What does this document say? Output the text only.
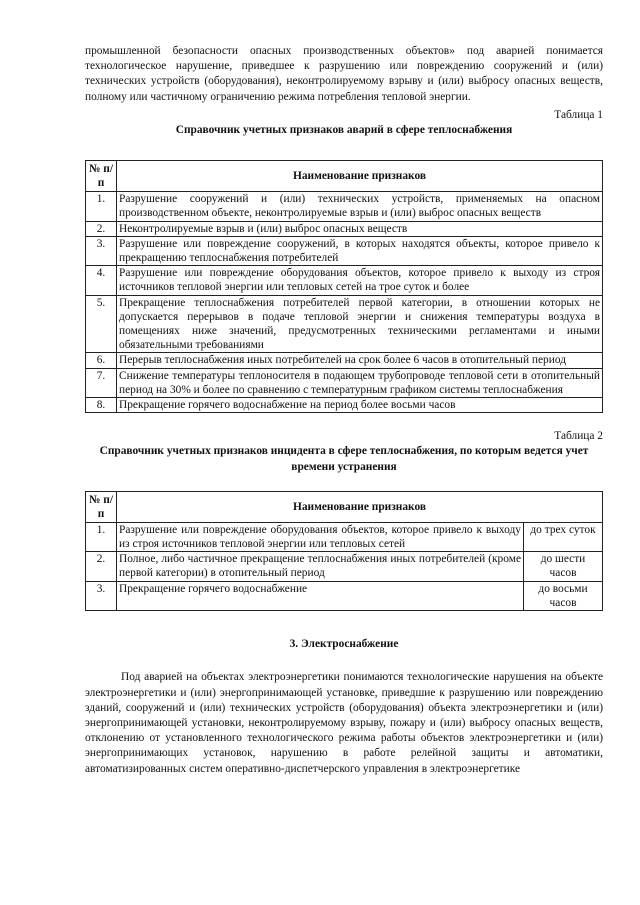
промышленной безопасности опасных производственных объектов» под аварией понимается технологическое нарушение, приведшее к разрушению или повреждению сооружений и (или) технических устройств (оборудования), неконтролируемому взрыву и (или) выбросу опасных веществ, полному или частичному ограничению режима потребления тепловой энергии.

Таблица 1

Справочник учетных признаков аварий в сфере теплоснабжения

№ п/п	Наименование признаков
1.	Разрушение сооружений и (или) технических устройств, применяемых на опасном производственном объекте, неконтролируемые взрыв и (или) выброс опасных веществ
2.	Неконтролируемые взрыв и (или) выброс опасных веществ
3.	Разрушение или повреждение сооружений, в которых находятся объекты, которое привело к прекращению теплоснабжения потребителей
4.	Разрушение или повреждение оборудования объектов, которое привело к выходу из строя источников тепловой энергии или тепловых сетей на трое суток и более
5.	Прекращение теплоснабжения потребителей первой категории, в отношении которых не допускается перерывов в подаче тепловой энергии и снижения температуры воздуха в помещениях ниже значений, предусмотренных техническими регламентами и иными обязательными требованиями
6.	Перерыв теплоснабжения иных потребителей на срок более 6 часов в отопительный период
7.	Снижение температуры теплоносителя в подающем трубопроводе тепловой сети в отопительный период на 30% и более по сравнению с температурным графиком системы теплоснабжения
8.	Прекращение горячего водоснабжение на период более восьми часов

Таблица 2

Справочник учетных признаков инцидента в сфере теплоснабжения, по которым ведется учет времени устранения

№ п/п	Наименование признаков	
1.	Разрушение или повреждение оборудования объектов, которое привело к выходу из строя источников тепловой энергии или тепловых сетей	до трех суток
2.	Полное, либо частичное прекращение теплоснабжения иных потребителей (кроме первой категории) в отопительный период	до шести часов
3.	Прекращение горячего водоснабжение	до восьми часов

3. Электроснабжение

Под аварией на объектах электроэнергетики понимаются технологические нарушения на объекте электроэнергетики и (или) энергопринимающей установке, приведшие к разрушению или повреждению зданий, сооружений и (или) технических устройств (оборудования) объекта электроэнергетики и (или) энергопринимающей установки, неконтролируемому взрыву, пожару и (или) выбросу опасных веществ, отклонению от установленного технологического режима работы объектов электроэнергетики и (или) энергопринимающих установок, нарушению в работе релейной защиты и автоматики, автоматизированных систем оперативно-диспетчерского управления в электроэнергетике
